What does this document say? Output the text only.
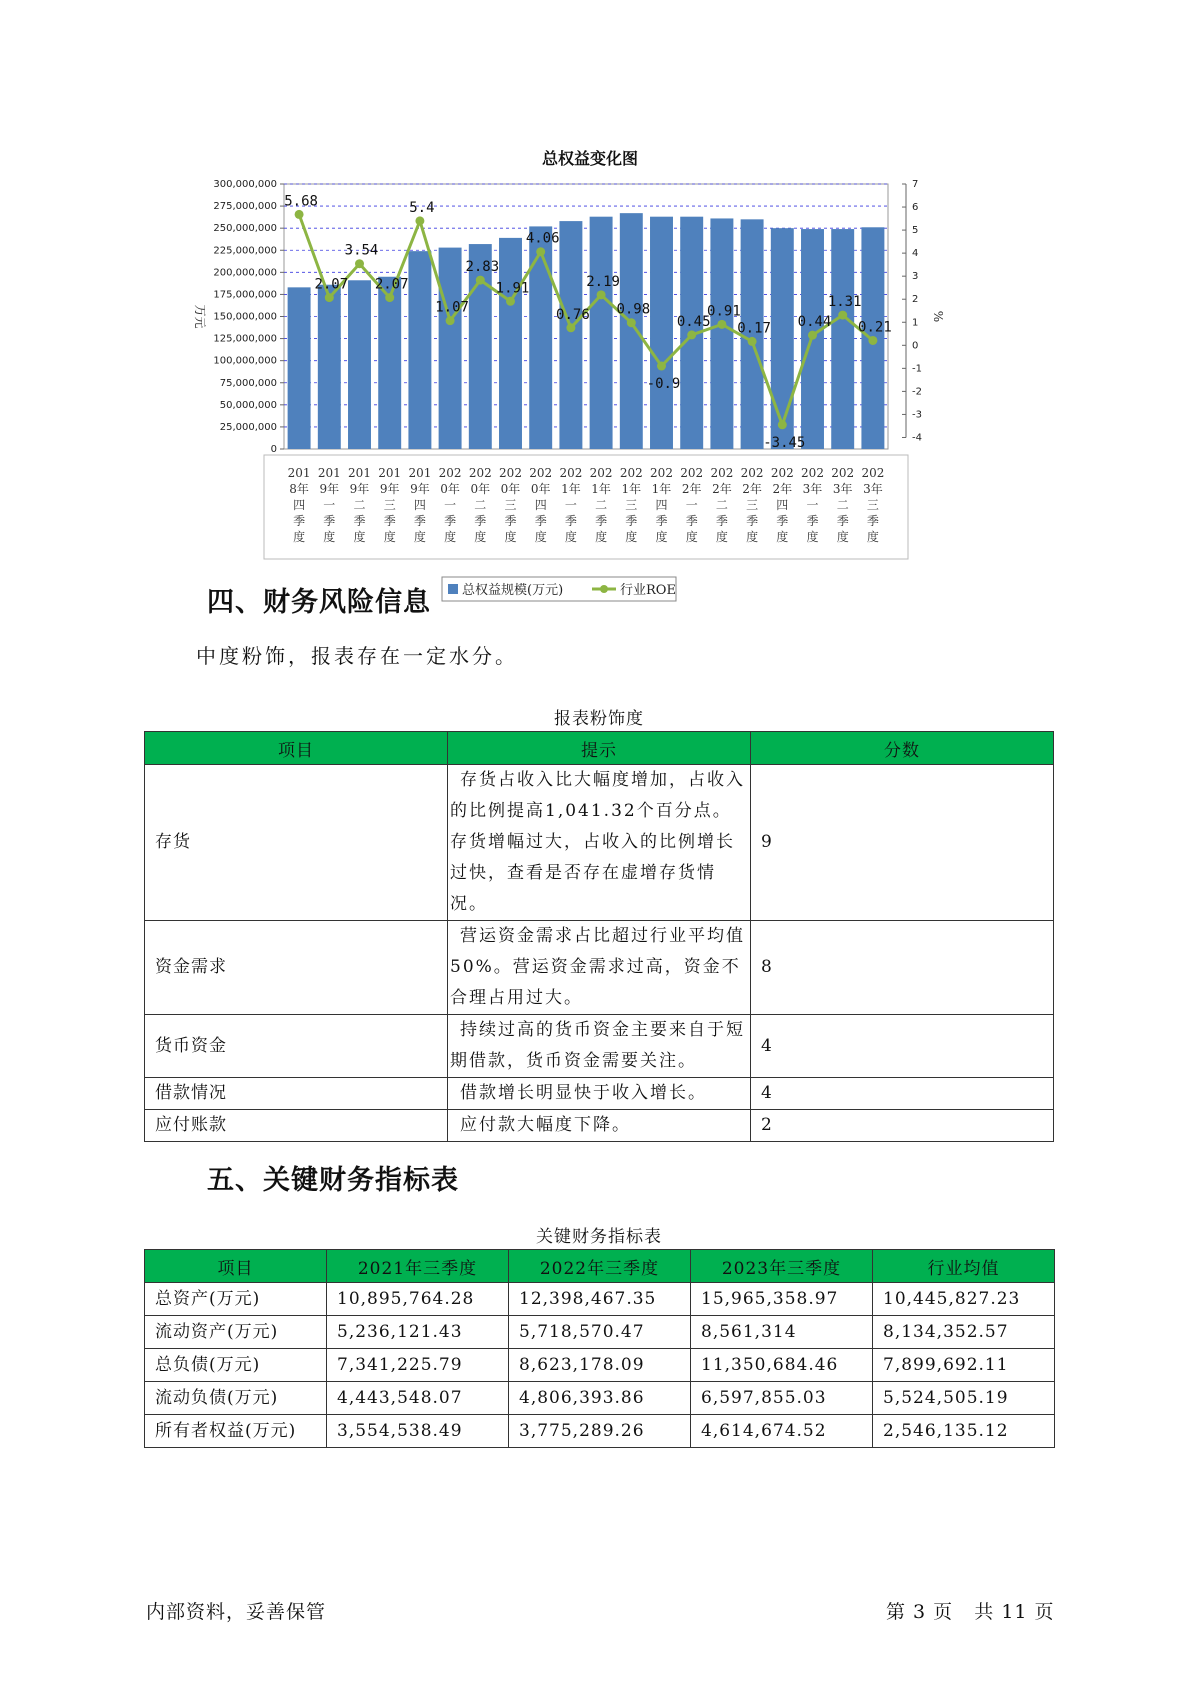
总权益变化图
0
25,000,000
50,000,000
75,000,000
100,000,000
125,000,000
150,000,000
175,000,000
200,000,000
225,000,000
250,000,000
275,000,000
300,000,000
-4
-3
-2
-1
0
1
2
3
4
5
6
7
万元	%
201 8年四季度
201 9年一季度
201 9年二季度
201 9年三季度
201 9年四季度
202 0年一季度
202 0年二季度
202 0年三季度
202 0年四季度
202 1年一季度
202 1年二季度
202 1年三季度
202 1年四季度
202 2年一季度
202 2年二季度
202 2年三季度
202 2年四季度
202 3年一季度
202 3年二季度
202 3年三季度
5.68
2.07
3.54
2.07
5.4
1.07
2.83
1.91
4.06
0.76
2.19
0.98
-0.9
0.45
0.91
0.17
-3.45
0.44
1.31
0.21
总权益规模(万元)	行业ROE
四、财务风险信息
中度粉饰，报表存在一定水分。
报表粉饰度
项目	提示	分数
存货	存货占收入比大幅度增加，占收入的比例提高1,041.32个百分点。存货增幅过大，占收入的比例增长过快，查看是否存在虚增存货情况。	9
资金需求	营运资金需求占比超过行业平均值50%。营运资金需求过高，资金不合理占用过大。	8
货币资金	持续过高的货币资金主要来自于短期借款，货币资金需要关注。	4
借款情况	借款增长明显快于收入增长。	4
应付账款	应付款大幅度下降。	2
五、关键财务指标表
关键财务指标表
项目	2021年三季度	2022年三季度	2023年三季度	行业均值
总资产(万元)	10,895,764.28	12,398,467.35	15,965,358.97	10,445,827.23
流动资产(万元)	5,236,121.43	5,718,570.47	8,561,314	8,134,352.57
总负债(万元)	7,341,225.79	8,623,178.09	11,350,684.46	7,899,692.11
流动负债(万元)	4,443,548.07	4,806,393.86	6,597,855.03	5,524,505.19
所有者权益(万元)	3,554,538.49	3,775,289.26	4,614,674.52	2,546,135.12
内部资料，妥善保管	第 3 页   共 11 页
